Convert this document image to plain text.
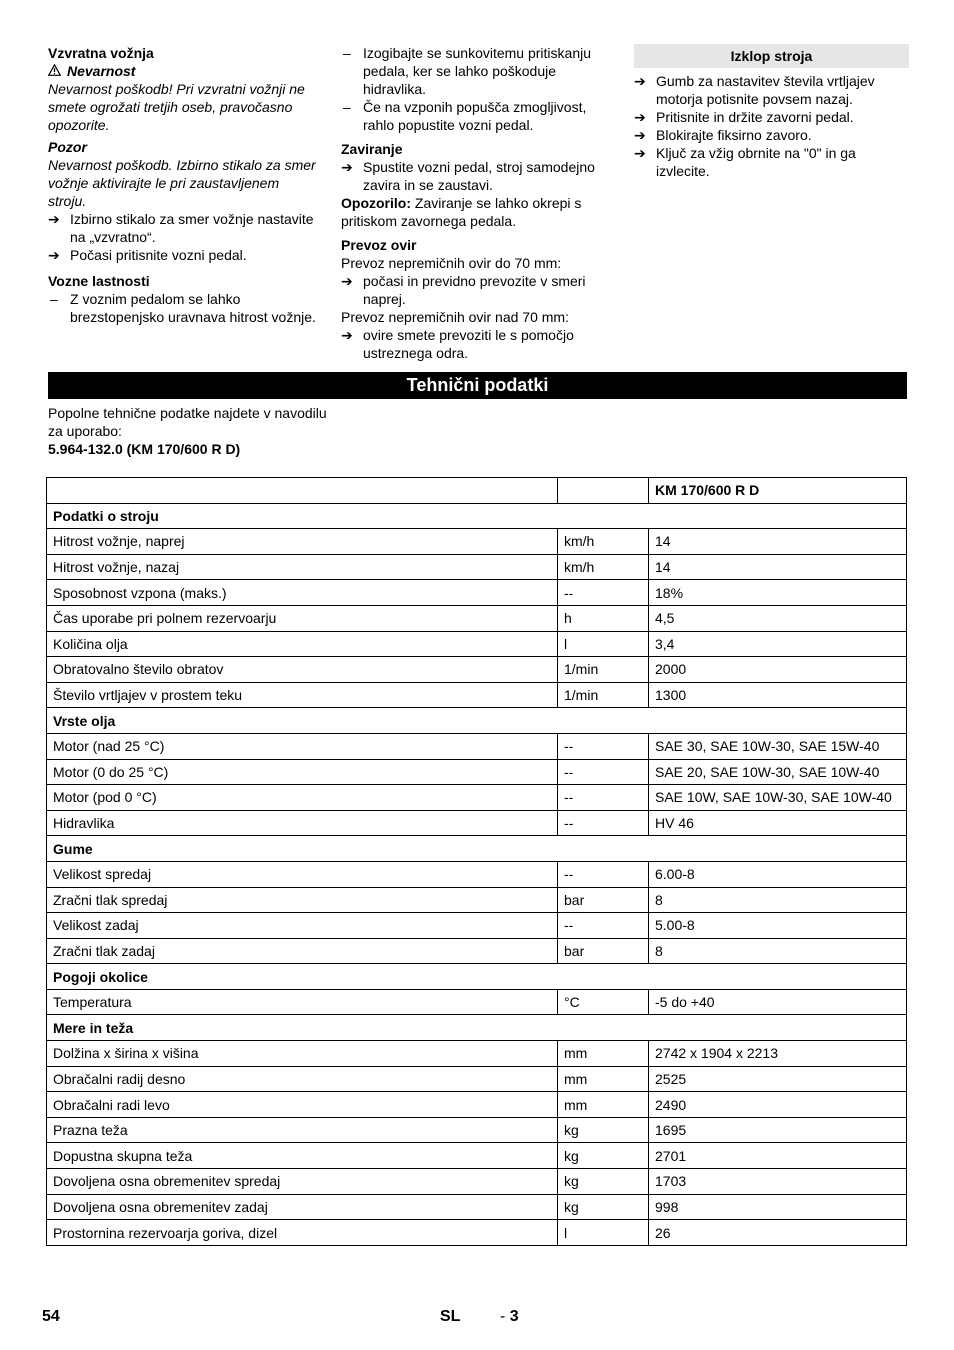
Vzvratna vožnja

Nevarnost

Nevarnost poškodb! Pri vzvratni vožnji ne smete ogrožati tretjih oseb, pravočasno opozorite.

Pozor

Nevarnost poškodb. Izbirno stikalo za smer vožnje aktivirajte le pri zaustavljenem stroju.

➔ Izbirno stikalo za smer vožnje nastavite na „vzvratno“.
➔ Počasi pritisnite vozni pedal.

Vozne lastnosti

– Z voznim pedalom se lahko brezstopenjsko uravnava hitrost vožnje.
– Izogibajte se sunkovitemu pritiskanju pedala, ker se lahko poškoduje hidravlika.
– Če na vzponih popušča zmogljivost, rahlo popustite vozni pedal.

Zaviranje

➔ Spustite vozni pedal, stroj samodejno zavira in se zaustavi.

Opozorilo: Zaviranje se lahko okrepi s pritiskom zavornega pedala.

Prevoz ovir

Prevoz nepremičnih ovir do 70 mm:

➔ počasi in previdno prevozite v smeri naprej.

Prevoz nepremičnih ovir nad 70 mm:

➔ ovire smete prevoziti le s pomočjo ustreznega odra.
Izklop stroja
➔ Gumb za nastavitev števila vrtljajev motorja potisnite povsem nazaj.
➔ Pritisnite in držite zavorni pedal.
➔ Blokirajte fiksirno zavoro.
➔ Ključ za vžig obrnite na "0" in ga izvlecite.
Tehnični podatki

Popolne tehnične podatke najdete v navodilu za uporabo:

5.964-132.0 (KM 170/600 R D)

		KM 170/600 R D
Podatki o stroju		
Hitrost vožnje, naprej	km/h	14
Hitrost vožnje, nazaj	km/h	14
Sposobnost vzpona (maks.)	--	18%
Čas uporabe pri polnem rezervoarju	h	4,5
Količina olja	l	3,4
Obratovalno število obratov	1/min	2000
Število vrtljajev v prostem teku	1/min	1300
Vrste olja		
Motor (nad 25 °C)	--	SAE 30, SAE 10W-30, SAE 15W-40
Motor (0 do 25 °C)	--	SAE 20, SAE 10W-30, SAE 10W-40
Motor (pod 0 °C)	--	SAE 10W, SAE 10W-30, SAE 10W-40
Hidravlika	--	HV 46
Gume		
Velikost spredaj	--	6.00-8
Zračni tlak spredaj	bar	8
Velikost zadaj	--	5.00-8
Zračni tlak zadaj	bar	8
Pogoji okolice		
Temperatura	°C	-5 do +40
Mere in teža		
Dolžina x širina x višina	mm	2742 x 1904 x 2213
Obračalni radij desno	mm	2525
Obračalni radi levo	mm	2490
Prazna teža	kg	1695
Dopustna skupna teža	kg	2701
Dovoljena osna obremenitev spredaj	kg	1703
Dovoljena osna obremenitev zadaj	kg	998
Prostornina rezervoarja goriva, dizel	l	26
54	SL - 3
